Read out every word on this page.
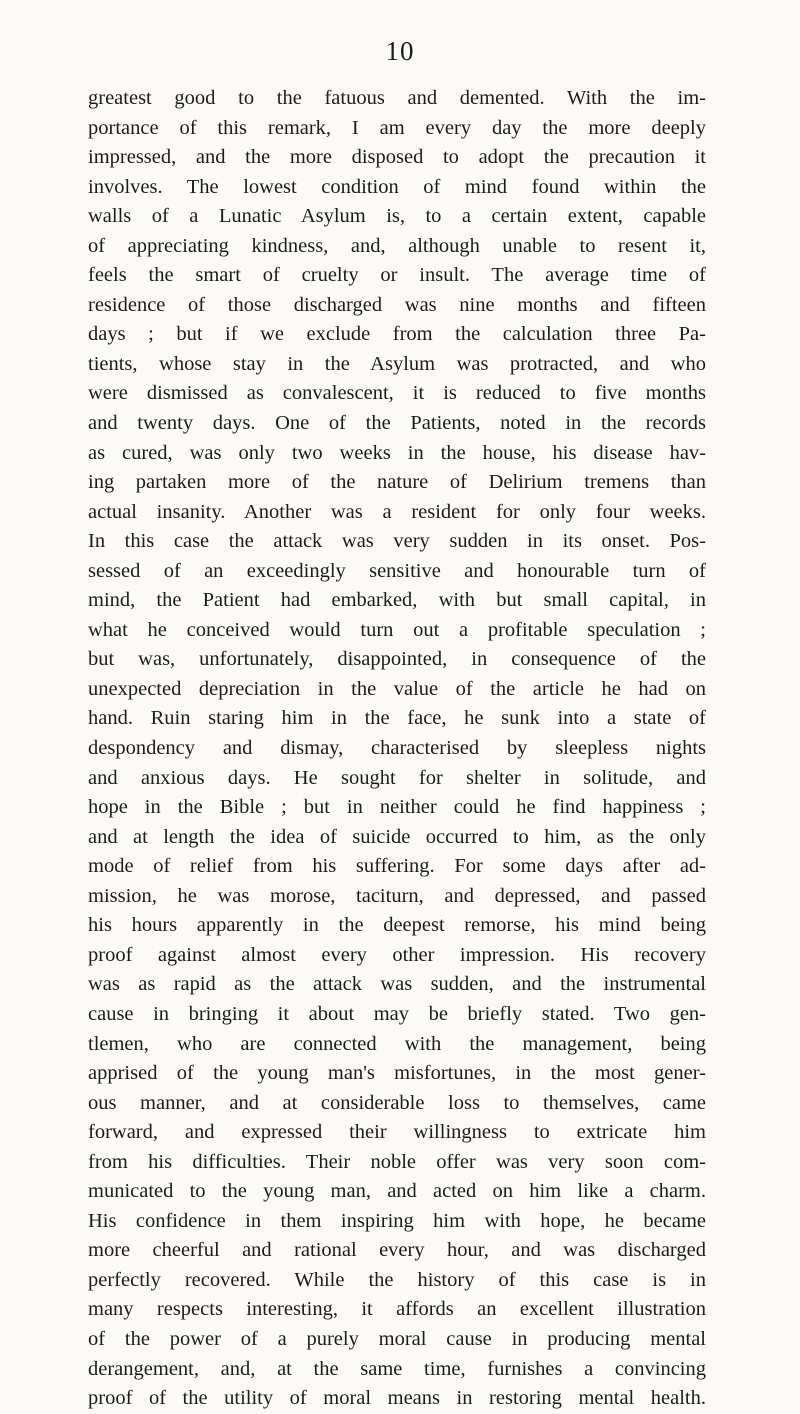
10
greatest good to the fatuous and demented. With the im-
portance of this remark, I am every day the more deeply
impressed, and the more disposed to adopt the precaution it
involves. The lowest condition of mind found within the
walls of a Lunatic Asylum is, to a certain extent, capable
of appreciating kindness, and, although unable to resent it,
feels the smart of cruelty or insult. The average time of
residence of those discharged was nine months and fifteen
days ; but if we exclude from the calculation three Pa-
tients, whose stay in the Asylum was protracted, and who
were dismissed as convalescent, it is reduced to five months
and twenty days. One of the Patients, noted in the records
as cured, was only two weeks in the house, his disease hav-
ing partaken more of the nature of Delirium tremens than
actual insanity. Another was a resident for only four weeks.
In this case the attack was very sudden in its onset. Pos-
sessed of an exceedingly sensitive and honourable turn of
mind, the Patient had embarked, with but small capital, in
what he conceived would turn out a profitable speculation ;
but was, unfortunately, disappointed, in consequence of the
unexpected depreciation in the value of the article he had on
hand. Ruin staring him in the face, he sunk into a state of
despondency and dismay, characterised by sleepless nights
and anxious days. He sought for shelter in solitude, and
hope in the Bible ; but in neither could he find happiness ;
and at length the idea of suicide occurred to him, as the only
mode of relief from his suffering. For some days after ad-
mission, he was morose, taciturn, and depressed, and passed
his hours apparently in the deepest remorse, his mind being
proof against almost every other impression. His recovery
was as rapid as the attack was sudden, and the instrumental
cause in bringing it about may be briefly stated. Two gen-
tlemen, who are connected with the management, being
apprised of the young man's misfortunes, in the most gener-
ous manner, and at considerable loss to themselves, came
forward, and expressed their willingness to extricate him
from his difficulties. Their noble offer was very soon com-
municated to the young man, and acted on him like a charm.
His confidence in them inspiring him with hope, he became
more cheerful and rational every hour, and was discharged
perfectly recovered. While the history of this case is in
many respects interesting, it affords an excellent illustration
of the power of a purely moral cause in producing mental
derangement, and, at the same time, furnishes a convincing
proof of the utility of moral means in restoring mental health.
